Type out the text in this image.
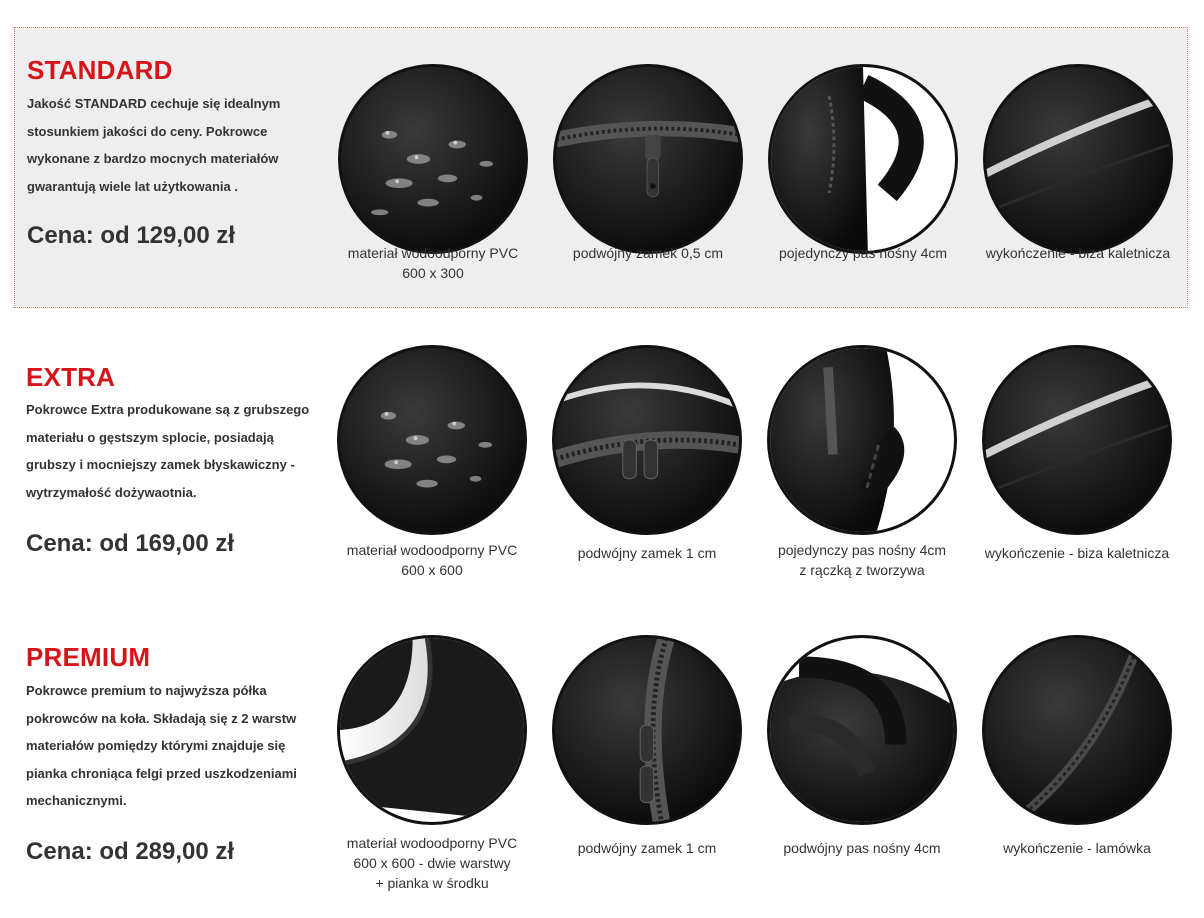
STANDARD
Jakość STANDARD cechuje się idealnym stosunkiem jakości do ceny. Pokrowce wykonane z bardzo mocnych materiałów gwarantują wiele lat użytkowania .
Cena: od 129,00 zł
materiał wodoodporny PVC
600 x 300
podwójny zamek 0,5 cm	pojedynczy pas nośny 4cm	wykończenie - biza kaletnicza
EXTRA
Pokrowce Extra produkowane są z grubszego materiału o gęstszym splocie, posiadają grubszy i mocniejszy zamek błyskawiczny - wytrzymałość dożywaotnia.
Cena: od 169,00 zł	materiał wodoodporny PVC
600 x 600
podwójny zamek 1 cm	pojedynczy pas nośny 4cm
z rączką z tworzywa
wykończenie - biza kaletnicza
PREMIUM
Pokrowce premium to najwyższa półka pokrowców na koła. Składają się z 2 warstw materiałów pomiędzy którymi znajduje się pianka chroniąca felgi przed uszkodzeniami mechanicznymi.
Cena: od 289,00 zł	materiał wodoodporny PVC
600 x 600 - dwie warstwy
+ pianka w środku
podwójny zamek 1 cm	podwójny pas nośny 4cm	wykończenie - lamówka
